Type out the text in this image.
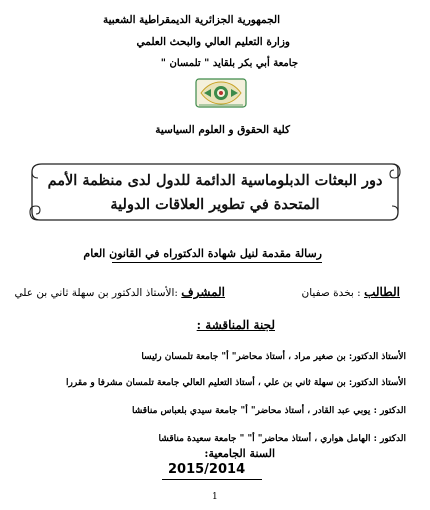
الجمهورية الجزائرية الديمقراطية الشعبية
وزارة التعليم العالي والبحث العلمي
جامعة أبي بكر بلقايد " تلمسان "
كلية الحقوق و العلوم السياسية
دور البعثات الدبلوماسية الدائمة للدول لدى منظمة الأمم
المتحدة في تطوير العلاقات الدولية
رسالة مقدمة لنيل شهادة الدكتوراه في القانون العام
الطالب : بخدة صفيان
المشرف :الأستاذ الدكتور بن سهلة ثاني بن علي
لجنة المناقشة :
الأستاذ الدكتور: بن صغير مراد ، أستاذ محاضر" أ" جامعة تلمسان رئيسا
الأستاذ الدكتور: بن سهلة ثاني بن علي ، أستاذ التعليم العالي جامعة تلمسان مشرفا و مقررا
الدكتور : يوبي عبد القادر ، أستاذ محاضر" أ" جامعة سيدي بلعباس مناقشا
الدكتور : الهامل هواري ، أستاذ محاضر" أ" " جامعة سعيدة مناقشا
السنة الجامعية:
2015/2014
1
